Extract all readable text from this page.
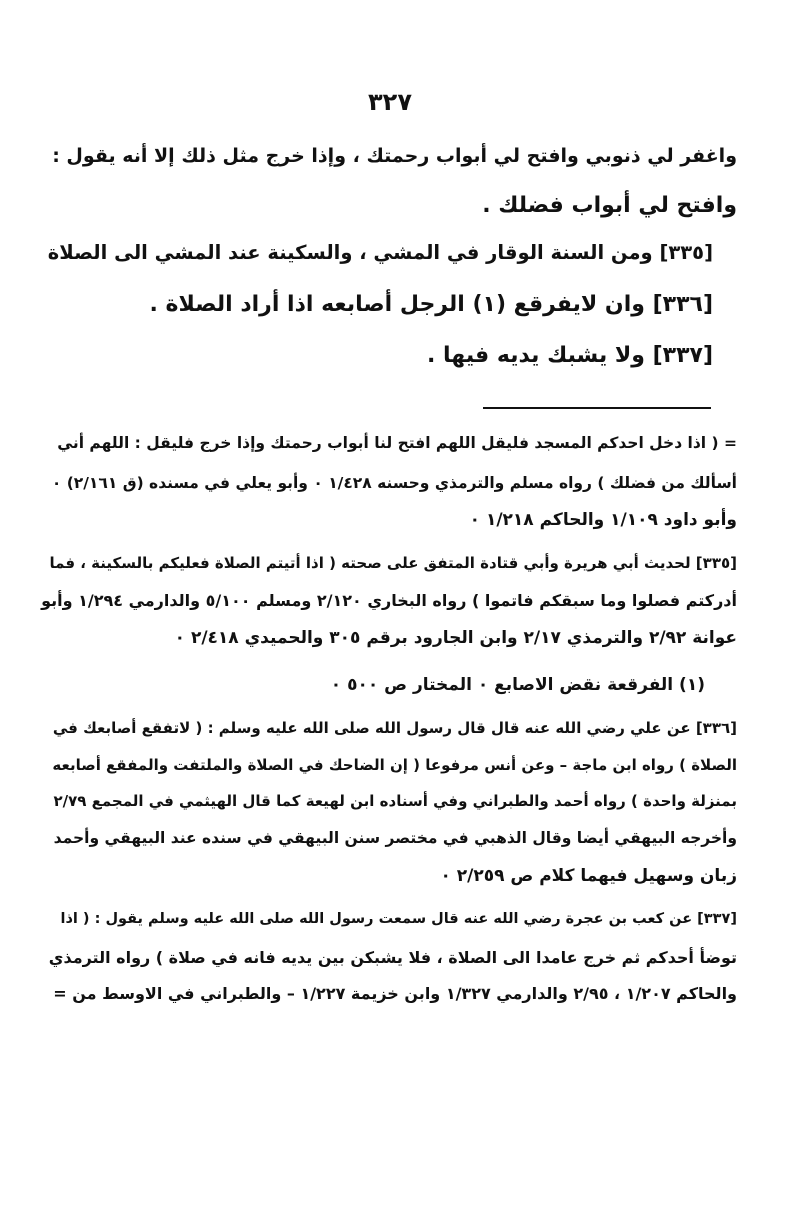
٣٢٧
واغفر لي ذنوبي وافتح لي أبواب رحمتك ، وإذا خرج مثل ذلك إلا أنه يقول :
وافتح لي أبواب فضلك .
[٣٣٥] ومن السنة الوقار في المشي ، والسكينة عند المشي الى الصلاة
[٣٣٦] وان لايفرقع (١) الرجل أصابعه اذا أراد الصلاة .
[٣٣٧] ولا يشبك يديه فيها .
= ( اذا دخل احدكم المسجد فليقل اللهم افتح لنا أبواب رحمتك وإذا خرج فليقل : اللهم أني
أسألك من فضلك ) رواه مسلم والترمذي وحسنه ١/٤٢٨ ٠ وأبو يعلي في مسنده (ق ٢/١٦١) ٠
وأبو داود ١/١٠٩ والحاكم ١/٢١٨ ٠
[٣٣٥] لحديث أبي هريرة وأبي قتادة المتفق على صحته ( اذا أتيتم الصلاة فعليكم بالسكينة ، فما
أدركتم فصلوا وما سبقكم فاتموا ) رواه البخاري ٢/١٢٠ ومسلم ٥/١٠٠ والدارمي ١/٢٩٤ وأبو
عوانة ٢/٩٢ والترمذي ٢/١٧ وابن الجارود برقم ٣٠٥ والحميدي ٢/٤١٨ ٠
(١) الفرقعة نقض الاصابع ٠ المختار ص ٥٠٠ ٠
[٣٣٦] عن علي رضي الله عنه قال قال رسول الله صلى الله عليه وسلم : ( لاتفقع أصابعك في
الصلاة ) رواه ابن ماجة – وعن أنس مرفوعا ( إن الضاحك في الصلاة والملتفت والمفقع أصابعه
بمنزلة واحدة ) رواه أحمد والطبراني وفي أسناده ابن لهيعة كما قال الهيثمي في المجمع ٢/٧٩
وأخرجه البيهقي أيضا وقال الذهبي في مختصر سنن البيهقي في سنده عند البيهقي وأحمد
زبان وسهيل فيهما كلام ص ٢/٢٥٩ ٠
[٣٣٧] عن كعب بن عجرة رضي الله عنه قال سمعت رسول الله صلى الله عليه وسلم يقول : ( اذا
توضأ أحدكم ثم خرج عامدا الى الصلاة ، فلا يشبكن بين يديه فانه في صلاة ) رواه الترمذي
والحاكم ١/٢٠٧ ، ٢/٩٥ والدارمي ١/٣٢٧ وابن خزيمة ١/٢٢٧ – والطبراني في الاوسط من =
